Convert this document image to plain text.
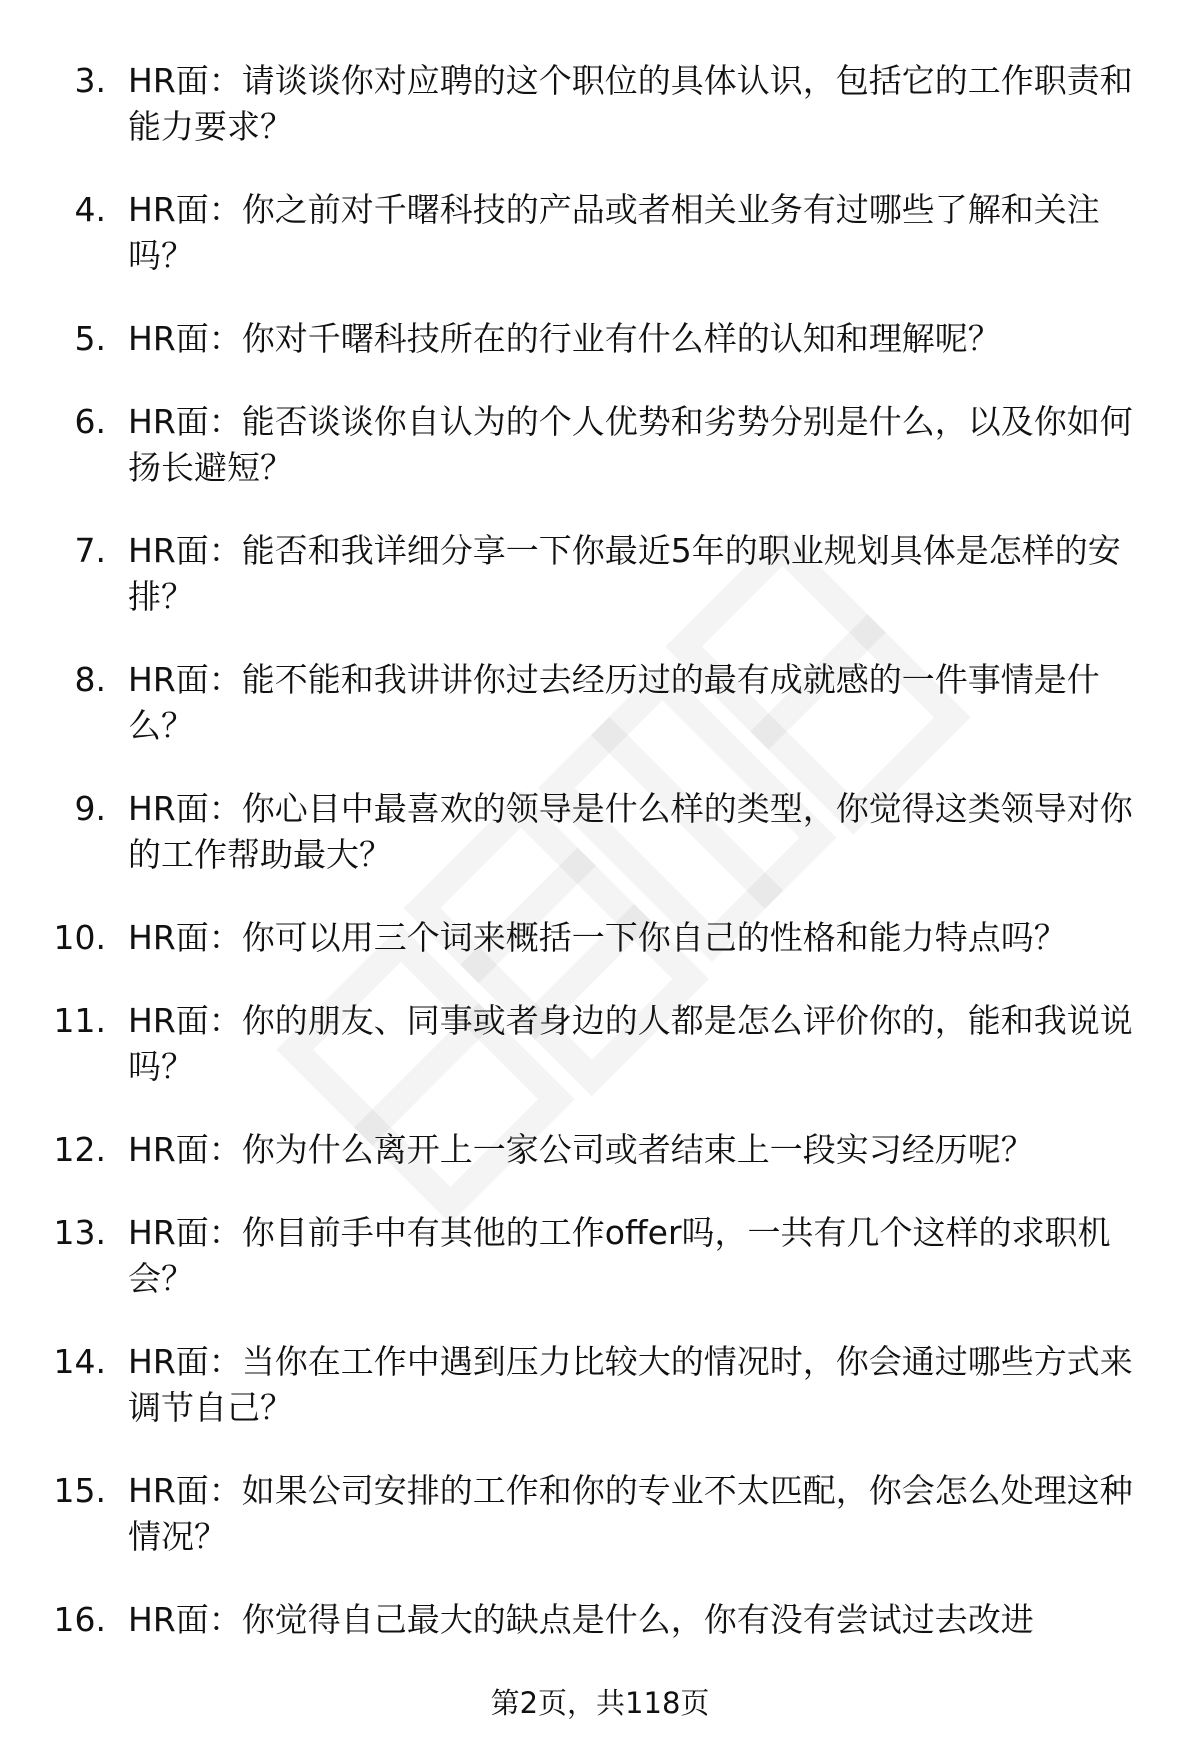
3. HR面：请谈谈你对应聘的这个职位的具体认识，包括它的工作职责和能力要求？
4. HR面：你之前对千曙科技的产品或者相关业务有过哪些了解和关注吗？
5. HR面：你对千曙科技所在的行业有什么样的认知和理解呢？
6. HR面：能否谈谈你自认为的个人优势和劣势分别是什么，以及你如何扬长避短？
7. HR面：能否和我详细分享一下你最近5年的职业规划具体是怎样的安排？
8. HR面：能不能和我讲讲你过去经历过的最有成就感的一件事情是什么？
9. HR面：你心目中最喜欢的领导是什么样的类型，你觉得这类领导对你的工作帮助最大？
10. HR面：你可以用三个词来概括一下你自己的性格和能力特点吗？
11. HR面：你的朋友、同事或者身边的人都是怎么评价你的，能和我说说吗？
12. HR面：你为什么离开上一家公司或者结束上一段实习经历呢？
13. HR面：你目前手中有其他的工作offer吗，一共有几个这样的求职机会？
14. HR面：当你在工作中遇到压力比较大的情况时，你会通过哪些方式来调节自己？
15. HR面：如果公司安排的工作和你的专业不太匹配，你会怎么处理这种情况？
16. HR面：你觉得自己最大的缺点是什么，你有没有尝试过去改进
第2页，共118页
